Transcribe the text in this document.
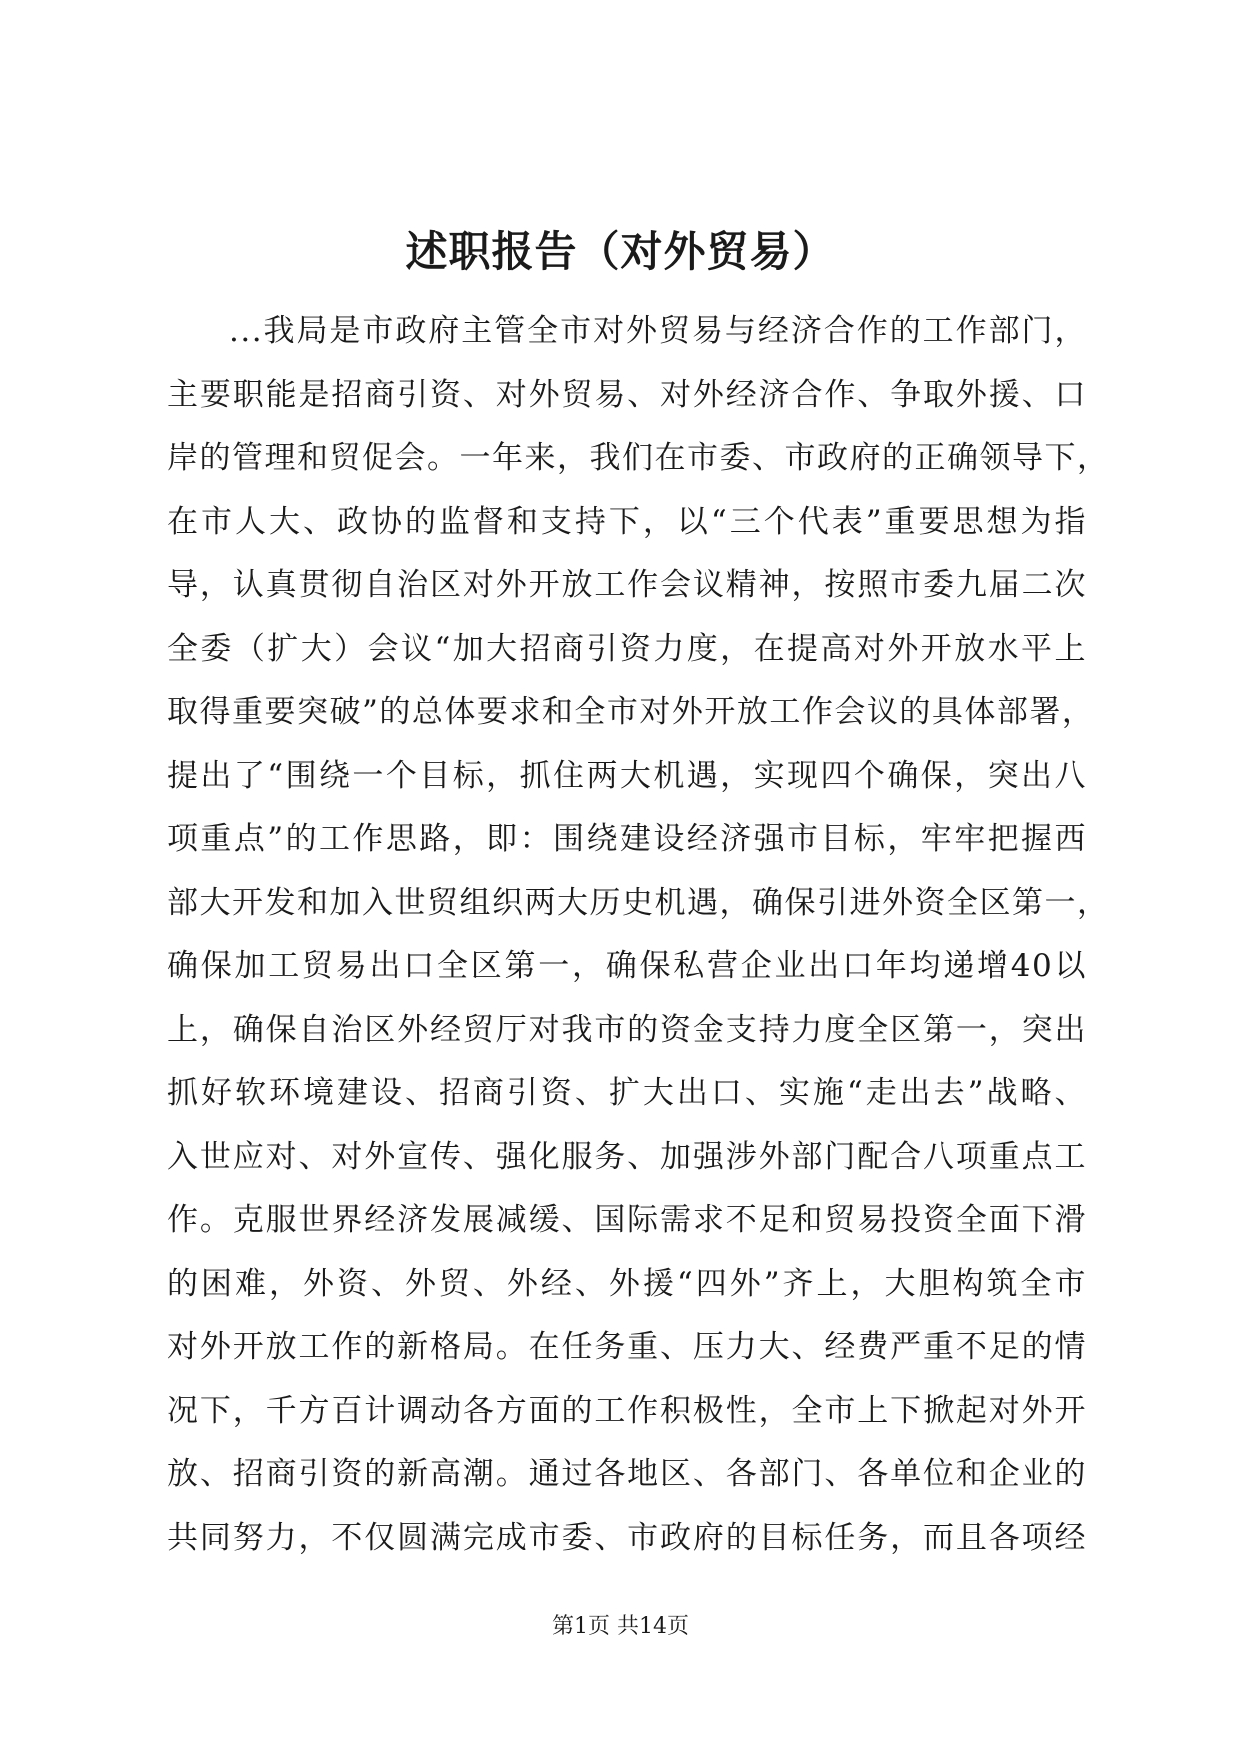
述职报告（对外贸易）
...我局是市政府主管全市对外贸易与经济合作的工作部门，
主要职能是招商引资、对外贸易、对外经济合作、争取外援、口
岸的管理和贸促会。一年来，我们在市委、市政府的正确领导下，
在市人大、政协的监督和支持下，以“三个代表”重要思想为指
导，认真贯彻自治区对外开放工作会议精神，按照市委九届二次
全委（扩大）会议“加大招商引资力度，在提高对外开放水平上
取得重要突破”的总体要求和全市对外开放工作会议的具体部署，
提出了“围绕一个目标，抓住两大机遇，实现四个确保，突出八
项重点”的工作思路，即：围绕建设经济强市目标，牢牢把握西
部大开发和加入世贸组织两大历史机遇，确保引进外资全区第一，
确保加工贸易出口全区第一，确保私营企业出口年均递增40以
上，确保自治区外经贸厅对我市的资金支持力度全区第一，突出
抓好软环境建设、招商引资、扩大出口、实施“走出去”战略、
入世应对、对外宣传、强化服务、加强涉外部门配合八项重点工
作。克服世界经济发展减缓、国际需求不足和贸易投资全面下滑
的困难，外资、外贸、外经、外援“四外”齐上，大胆构筑全市
对外开放工作的新格局。在任务重、压力大、经费严重不足的情
况下，千方百计调动各方面的工作积极性，全市上下掀起对外开
放、招商引资的新高潮。通过各地区、各部门、各单位和企业的
共同努力，不仅圆满完成市委、市政府的目标任务，而且各项经
第1页 共14页
